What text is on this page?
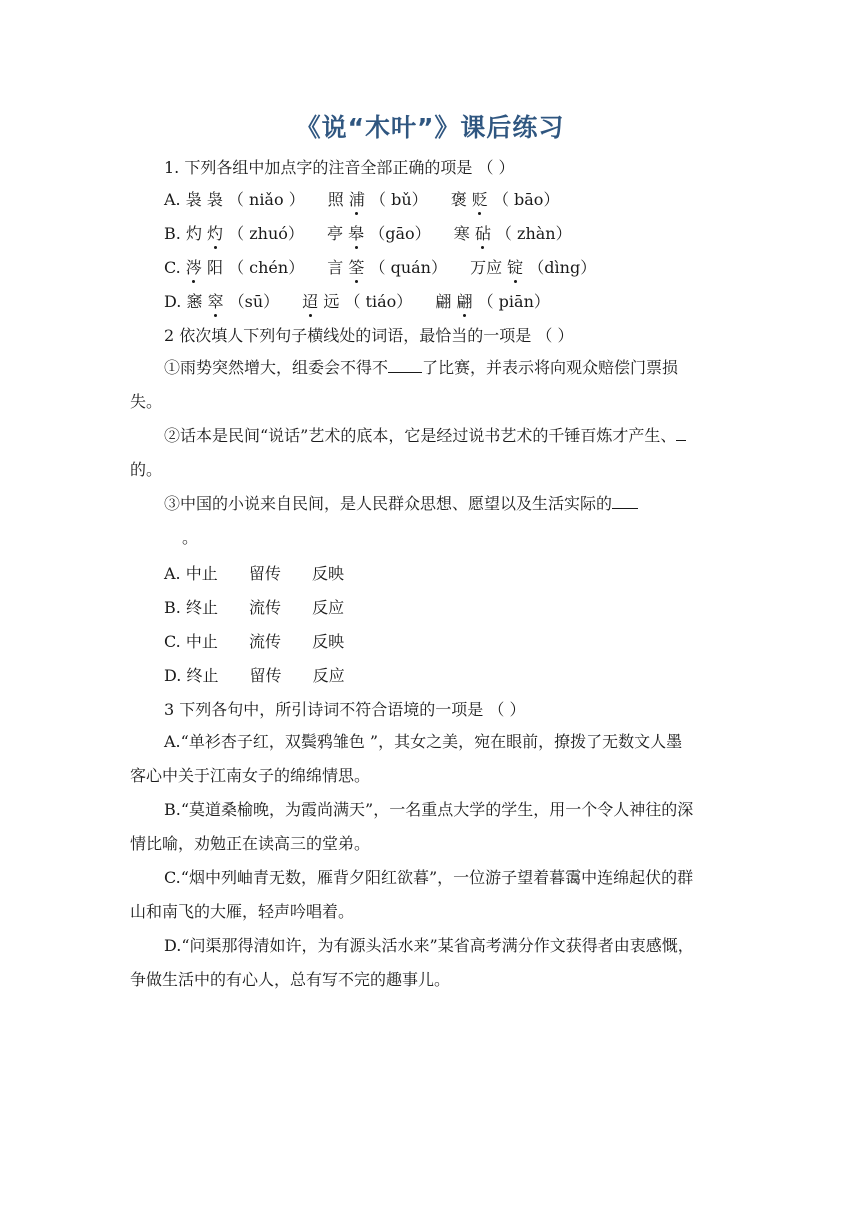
《说“木叶”》课后练习
1. 下列各组中加点字的注音全部正确的项是 （ ）
A. 袅 袅 （ niǎo ） 照 浦 （ bǔ） 褒 贬 （ bāo）
B. 灼 灼 （ zhuó） 亭 皋 （gāo） 寒 砧 （ zhàn）
C. 涔 阳 （ chén） 言 筌 （ quán） 万应 锭 （dìng）
D. 窸 窣 （sū） 迢 远 （ tiáo） 翩 翩 （ piān）
2 依次填人下列句子横线处的词语，最恰当的一项是 （ ）
①雨势突然增大，组委会不得不 了比赛，并表示将向观众赔偿门票损
失。
②话本是民间“说话”艺术的底本，它是经过说书艺术的千锤百炼才产生、
的。
③中国的小说来自民间，是人民群众思想、愿望以及生活实际的
。
A. 中止 留传 反映
B. 终止 流传 反应
C. 中止 流传 反映
D. 终止 留传 反应
3 下列各句中，所引诗词不符合语境的一项是 （ ）
A.“单衫杏子红，双鬓鸦雏色 ”，其女之美，宛在眼前，撩拨了无数文人墨
客心中关于江南女子的绵绵情思。
B.“莫道桑榆晚，为霞尚满天”，一名重点大学的学生，用一个令人神往的深
情比喻，劝勉正在读高三的堂弟。
C.“烟中列岫青无数，雁背夕阳红欲暮”，一位游子望着暮霭中连绵起伏的群
山和南飞的大雁，轻声吟唱着。
D.“问渠那得清如许，为有源头活水来”某省高考满分作文获得者由衷感慨，
争做生活中的有心人，总有写不完的趣事儿。
